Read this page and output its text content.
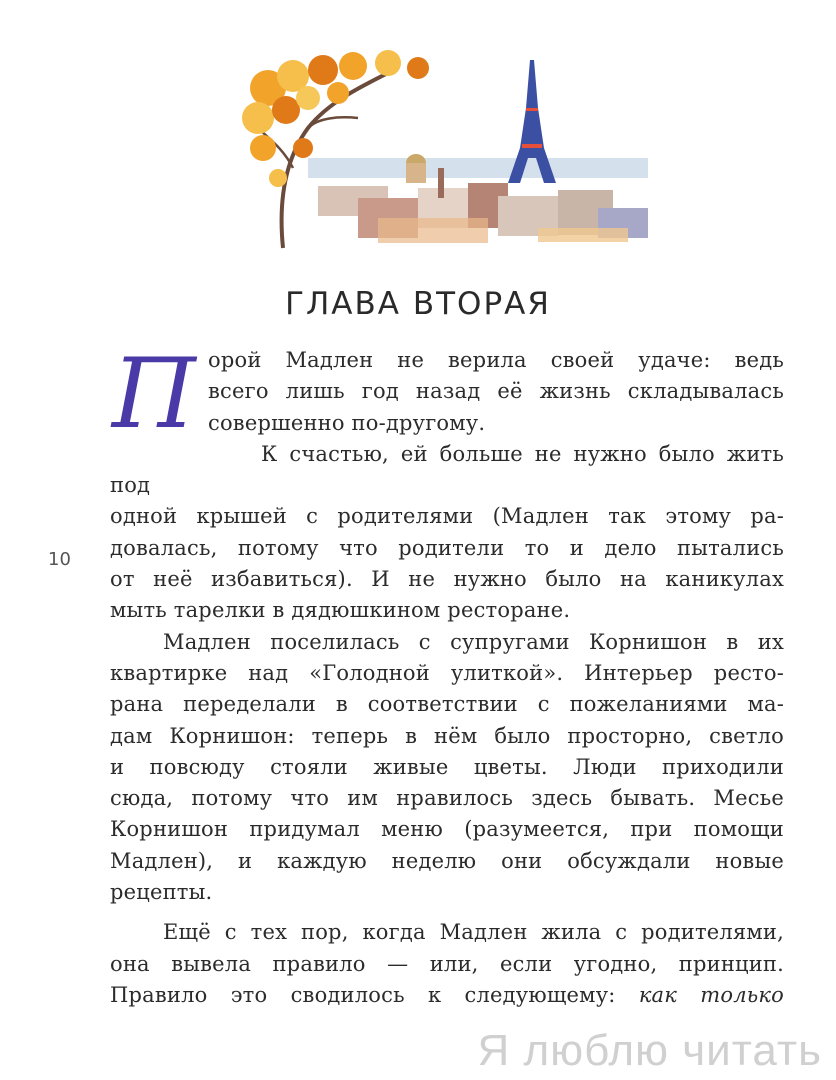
ГЛАВА ВТОРАЯ
П орой Мадлен не верила своей удаче: ведь

всего лишь год назад её жизнь складывалась

совершенно по-другому.

К счастью, ей больше не нужно было жить под

одной крышей с родителями (Мадлен так этому ра-

довалась, потому что родители то и дело пытались

от неё избавиться). И не нужно было на каникулах

мыть тарелки в дядюшкином ресторане.

Мадлен поселилась с супругами Корнишон в их

квартирке над «Голодной улиткой». Интерьер ресто-

рана переделали в соответствии с пожеланиями ма-

дам Корнишон: теперь в нём было просторно, светло

и повсюду стояли живые цветы. Люди приходили

сюда, потому что им нравилось здесь бывать. Месье

Корнишон придумал меню (разумеется, при помощи

Мадлен), и каждую неделю они обсуждали новые

рецепты.

Ещё с тех пор, когда Мадлен жила с родителями,

она вывела правило — или, если угодно, принцип.

Правило это сводилось к следующему: как только

10
Я люблю читать
